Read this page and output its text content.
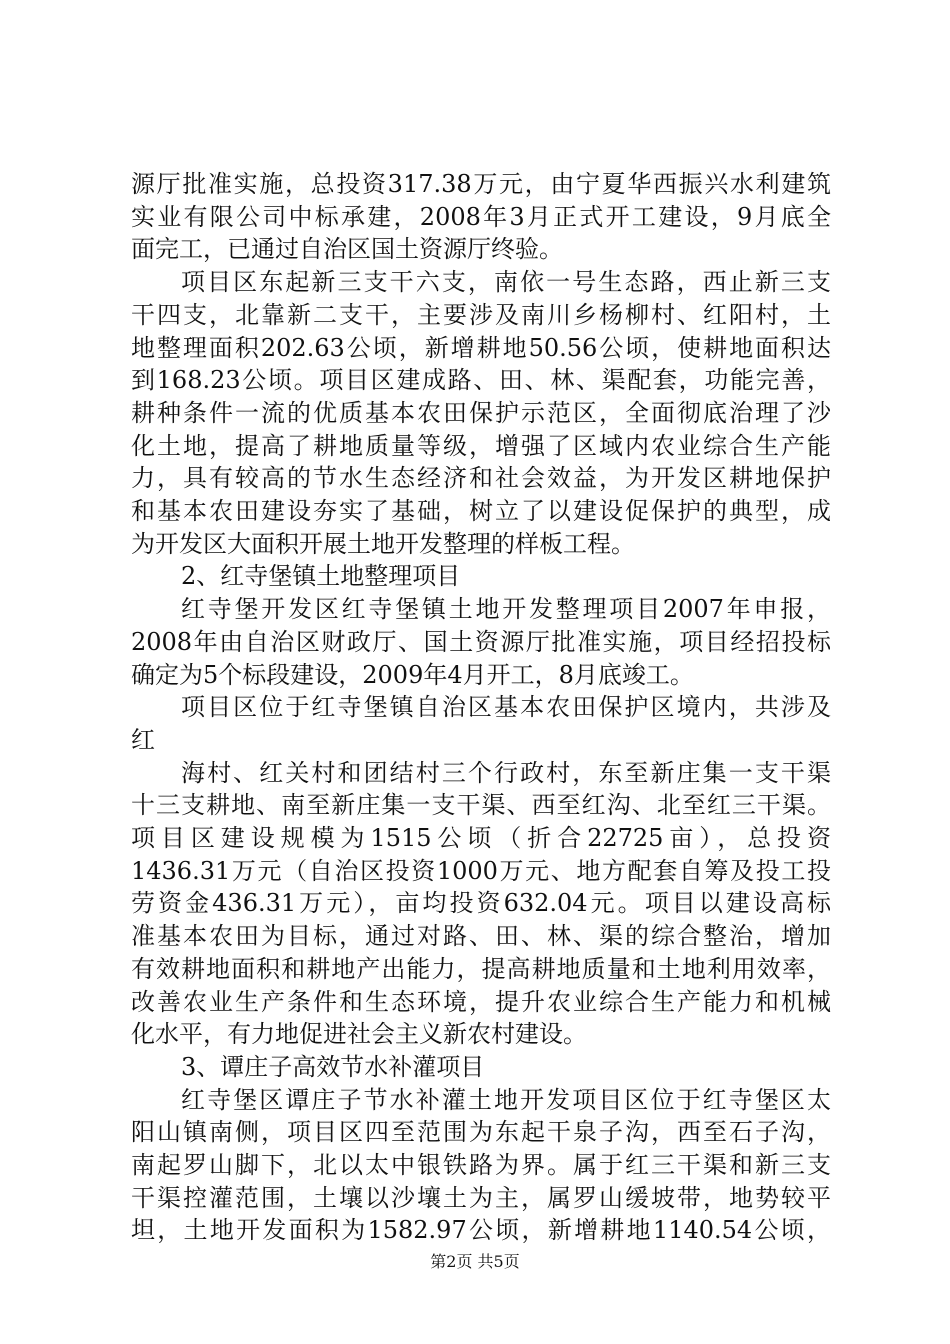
源厅批准实施，总投资317.38万元，由宁夏华西振兴水利建筑
实业有限公司中标承建，2008年3月正式开工建设，9月底全
面完工，已通过自治区国土资源厅终验。
项目区东起新三支干六支，南依一号生态路，西止新三支
干四支，北靠新二支干，主要涉及南川乡杨柳村、红阳村，土
地整理面积202.63公顷，新增耕地50.56公顷，使耕地面积达
到168.23公顷。项目区建成路、田、林、渠配套，功能完善，
耕种条件一流的优质基本农田保护示范区，全面彻底治理了沙
化土地，提高了耕地质量等级，增强了区域内农业综合生产能
力，具有较高的节水生态经济和社会效益，为开发区耕地保护
和基本农田建设夯实了基础，树立了以建设促保护的典型，成
为开发区大面积开展土地开发整理的样板工程。
2、红寺堡镇土地整理项目
红寺堡开发区红寺堡镇土地开发整理项目2007年申报，
2008年由自治区财政厅、国土资源厅批准实施，项目经招投标
确定为5个标段建设，2009年4月开工，8月底竣工。
项目区位于红寺堡镇自治区基本农田保护区境内，共涉及
红
海村、红关村和团结村三个行政村，东至新庄集一支干渠
十三支耕地、南至新庄集一支干渠、西至红沟、北至红三干渠。
项目区建设规模为1515公顷（折合22725亩），总投资
1436.31万元（自治区投资1000万元、地方配套自筹及投工投
劳资金436.31万元），亩均投资632.04元。项目以建设高标
准基本农田为目标，通过对路、田、林、渠的综合整治，增加
有效耕地面积和耕地产出能力，提高耕地质量和土地利用效率，
改善农业生产条件和生态环境，提升农业综合生产能力和机械
化水平，有力地促进社会主义新农村建设。
3、谭庄子高效节水补灌项目
红寺堡区谭庄子节水补灌土地开发项目区位于红寺堡区太
阳山镇南侧，项目区四至范围为东起干泉子沟，西至石子沟，
南起罗山脚下，北以太中银铁路为界。属于红三干渠和新三支
干渠控灌范围，土壤以沙壤土为主，属罗山缓坡带，地势较平
坦，土地开发面积为1582.97公顷，新增耕地1140.54公顷，
第2页 共5页
